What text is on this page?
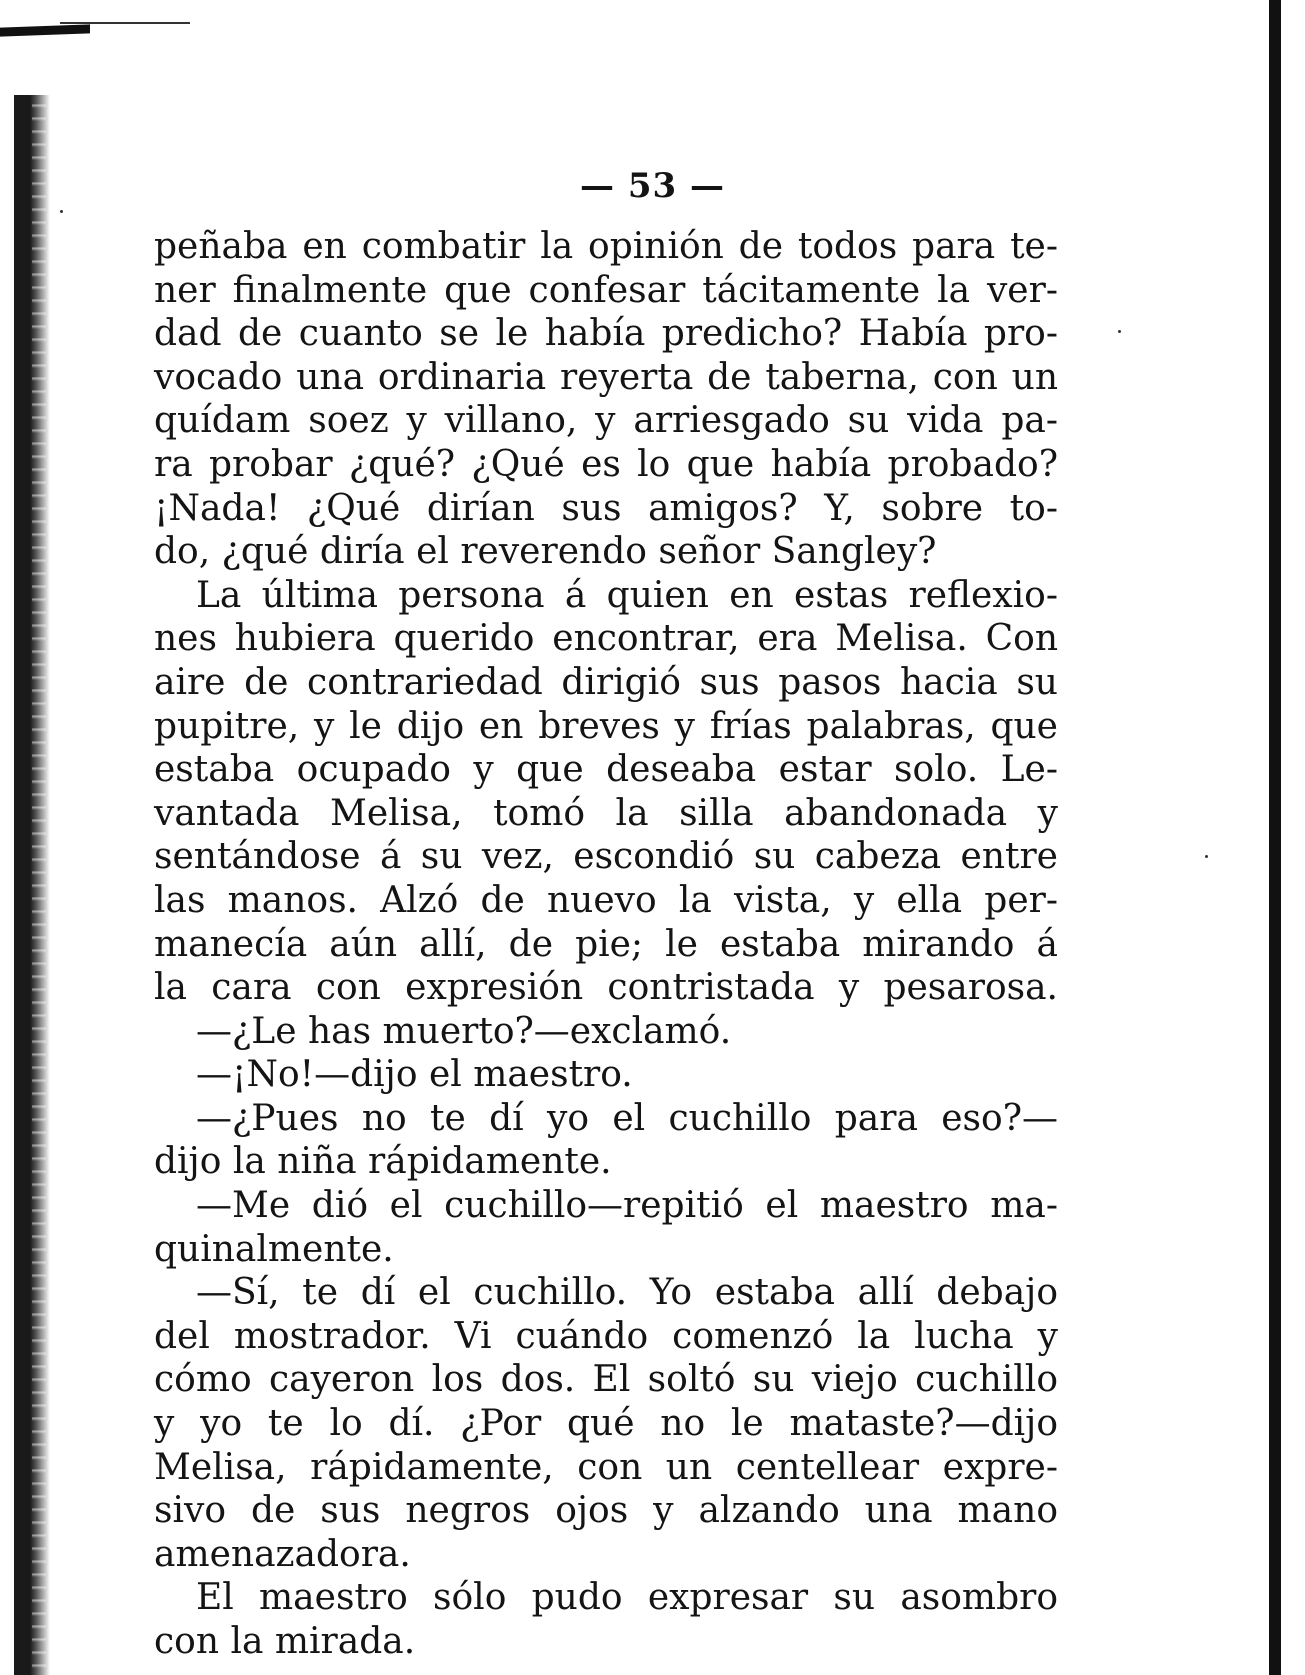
— 53 —
peñaba en combatir la opinión de todos para te-
ner finalmente que confesar tácitamente la ver-
dad de cuanto se le había predicho? Había pro-
vocado una ordinaria reyerta de taberna, con un
quídam soez y villano, y arriesgado su vida pa-
ra probar ¿qué? ¿Qué es lo que había probado?
¡Nada! ¿Qué dirían sus amigos? Y, sobre to-
do, ¿qué diría el reverendo señor Sangley?
La última persona á quien en estas reflexio-
nes hubiera querido encontrar, era Melisa. Con
aire de contrariedad dirigió sus pasos hacia su
pupitre, y le dijo en breves y frías palabras, que
estaba ocupado y que deseaba estar solo. Le-
vantada Melisa, tomó la silla abandonada y
sentándose á su vez, escondió su cabeza entre
las manos. Alzó de nuevo la vista, y ella per-
manecía aún allí, de pie; le estaba mirando á
la cara con expresión contristada y pesarosa.
—¿Le has muerto?—exclamó.
—¡No!—dijo el maestro.
—¿Pues no te dí yo el cuchillo para eso?—
dijo la niña rápidamente.
—Me dió el cuchillo—repitió el maestro ma-
quinalmente.
—Sí, te dí el cuchillo. Yo estaba allí debajo
del mostrador. Vi cuándo comenzó la lucha y
cómo cayeron los dos. El soltó su viejo cuchillo
y yo te lo dí. ¿Por qué no le mataste?—dijo
Melisa, rápidamente, con un centellear expre-
sivo de sus negros ojos y alzando una mano
amenazadora.
El maestro sólo pudo expresar su asombro
con la mirada.
